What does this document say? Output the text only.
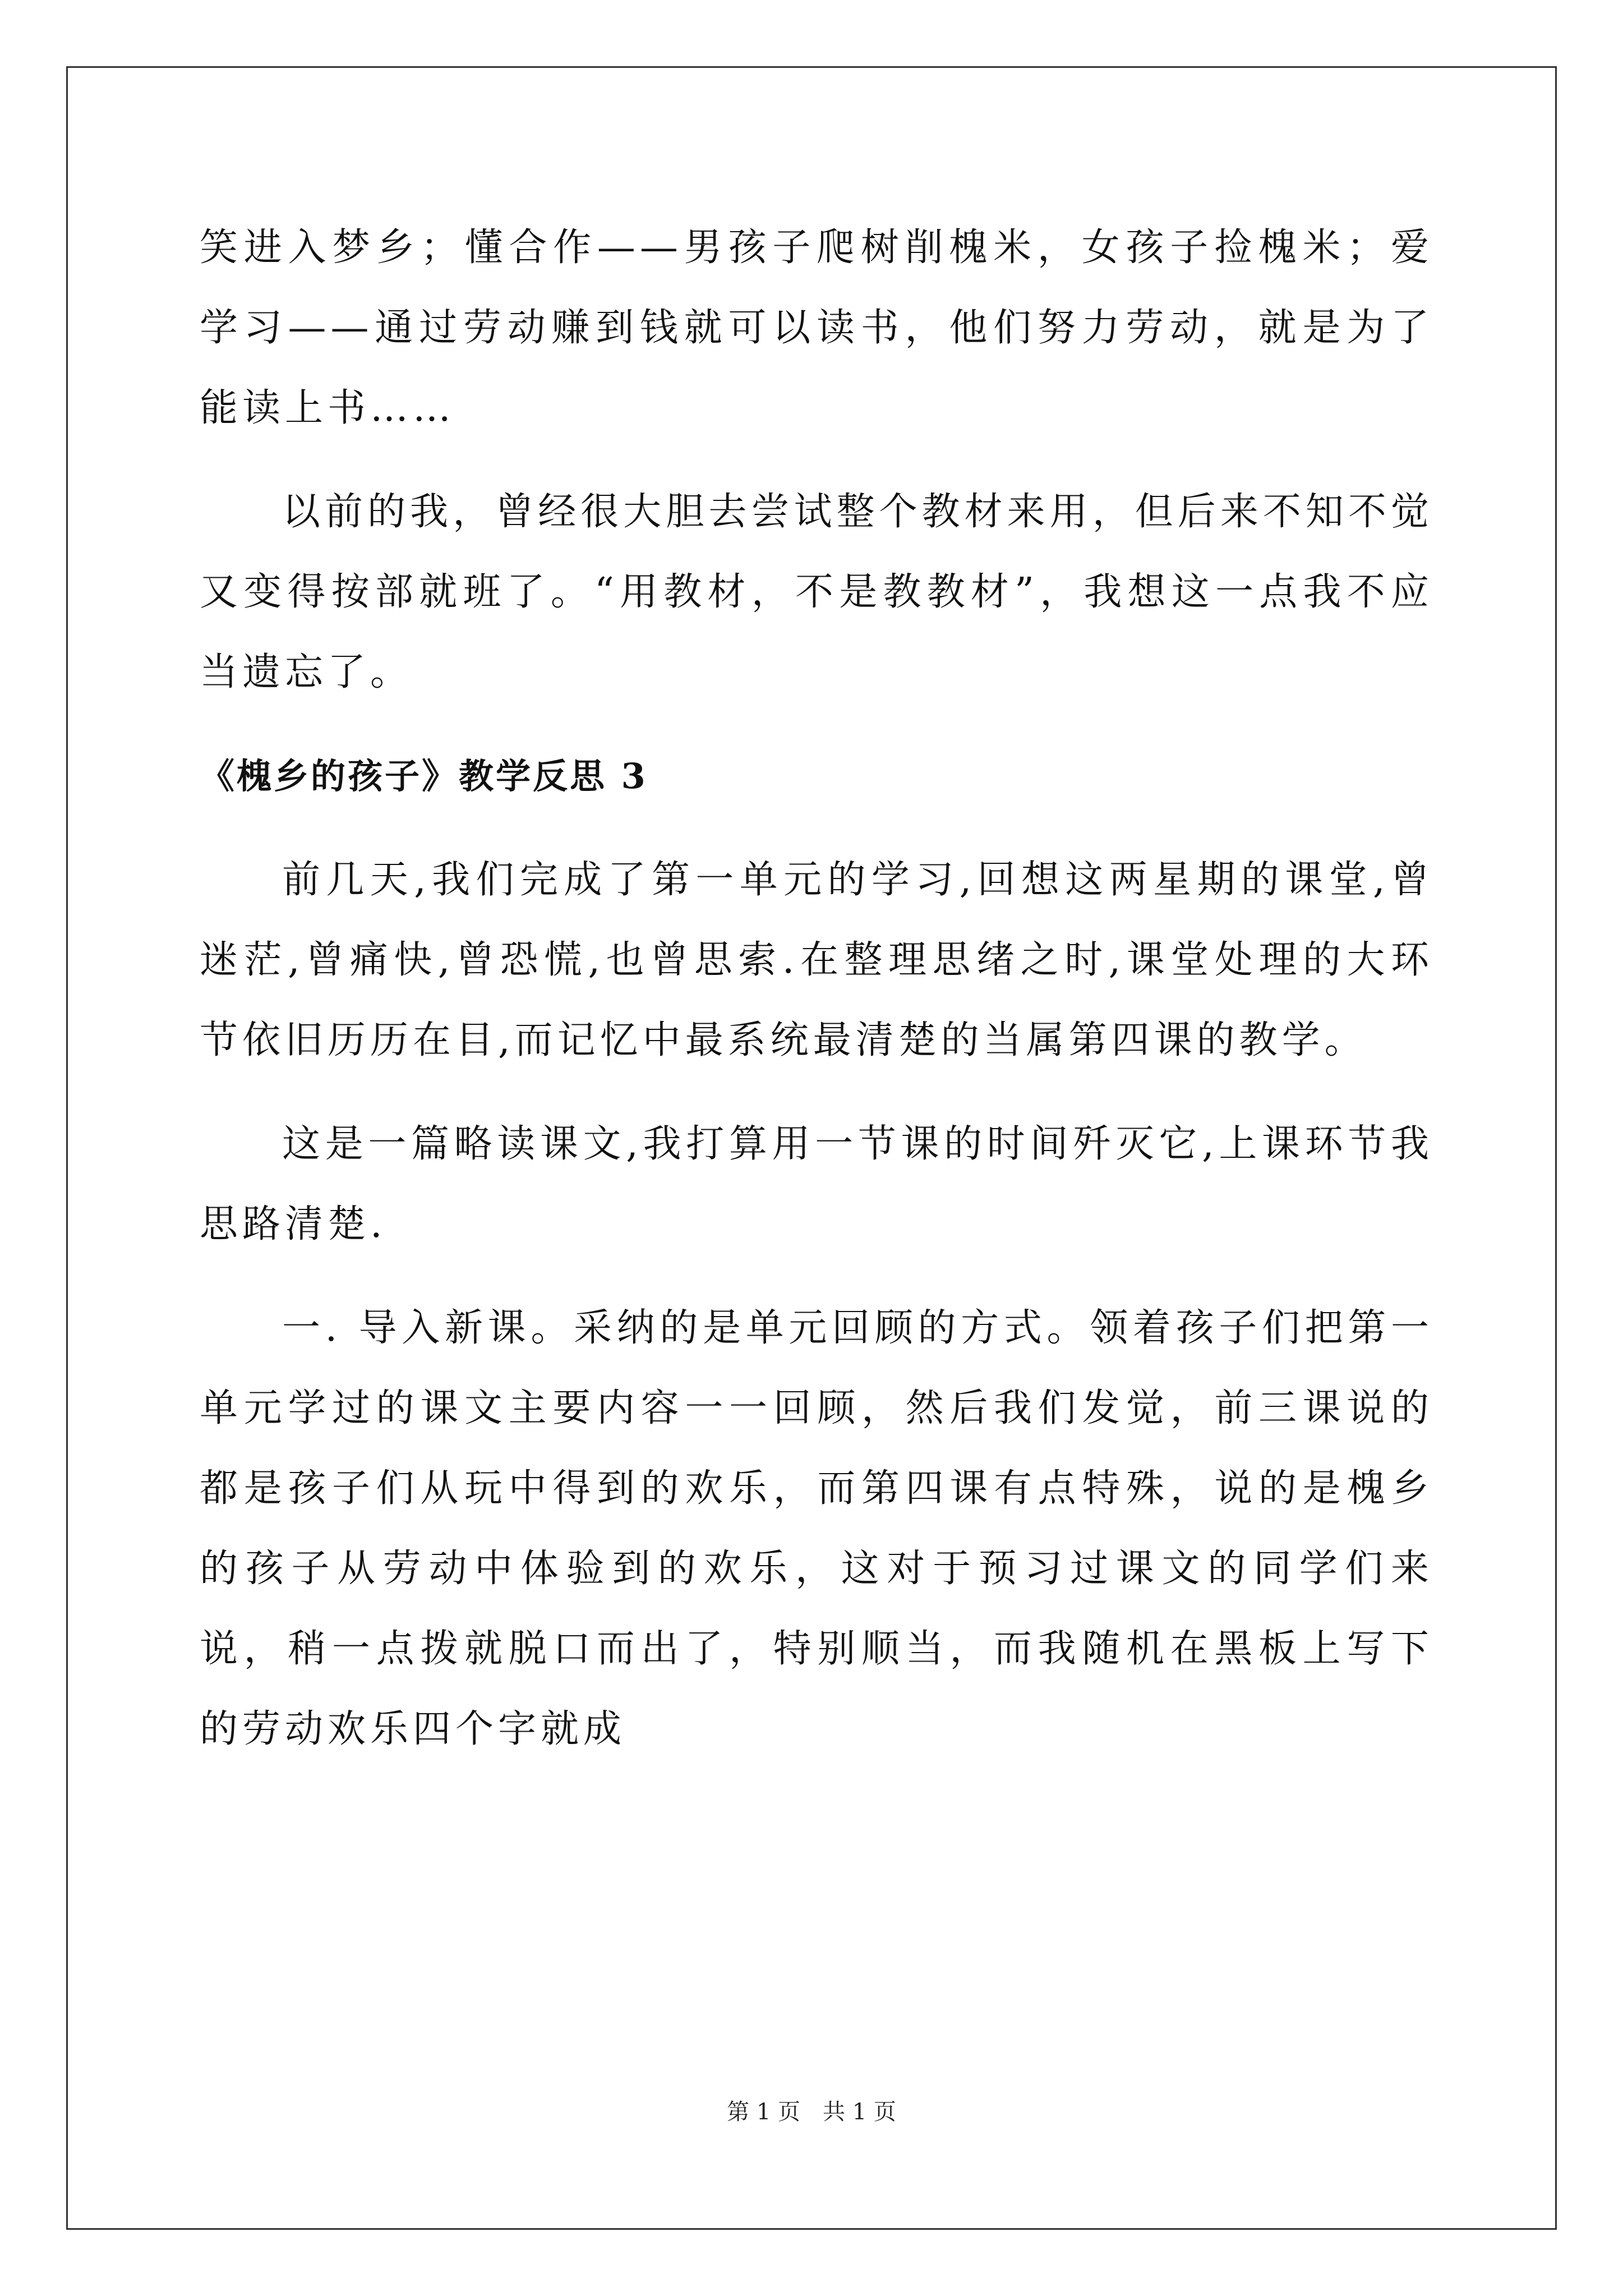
笑进入梦乡；懂合作——男孩子爬树削槐米，女孩子捡槐米；爱学习——通过劳动赚到钱就可以读书，他们努力劳动，就是为了能读上书……

以前的我，曾经很大胆去尝试整个教材来用，但后来不知不觉又变得按部就班了。“用教材，不是教教材”，我想这一点我不应当遗忘了。

《槐乡的孩子》教学反思 3

前几天,我们完成了第一单元的学习,回想这两星期的课堂,曾迷茫,曾痛快,曾恐慌,也曾思索.在整理思绪之时,课堂处理的大环节依旧历历在目,而记忆中最系统最清楚的当属第四课的教学。

这是一篇略读课文,我打算用一节课的时间歼灭它,上课环节我思路清楚.

一. 导入新课。采纳的是单元回顾的方式。领着孩子们把第一单元学过的课文主要内容一一回顾，然后我们发觉，前三课说的都是孩子们从玩中得到的欢乐，而第四课有点特殊，说的是槐乡的孩子从劳动中体验到的欢乐，这对于预习过课文的同学们来说，稍一点拨就脱口而出了，特别顺当，而我随机在黑板上写下的劳动欢乐四个字就成

第 1 页　共 1 页
